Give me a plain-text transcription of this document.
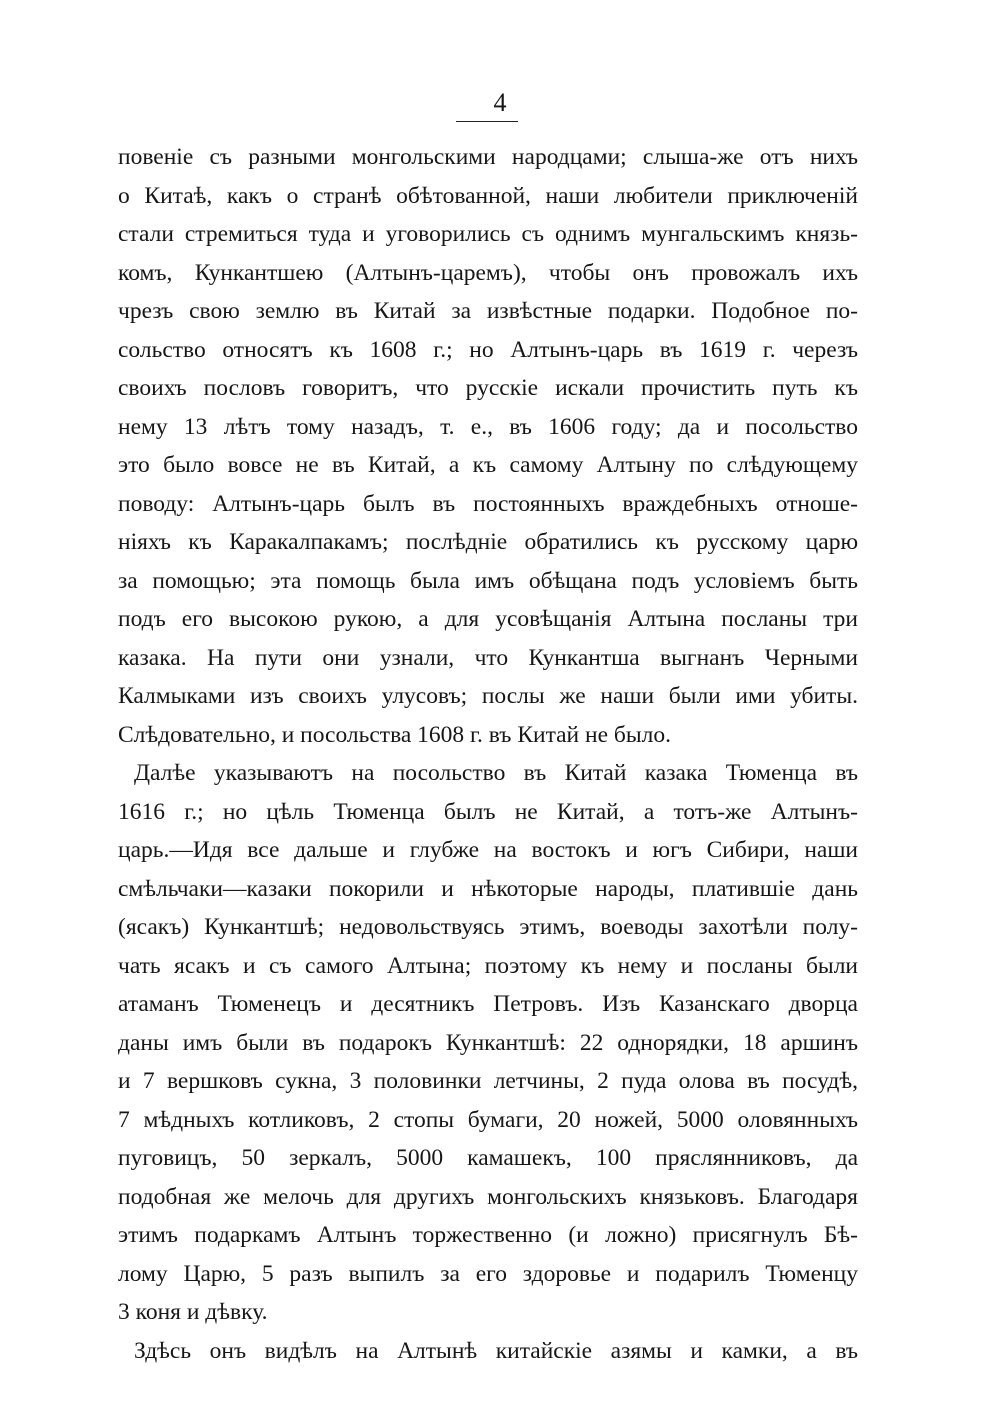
4
повеніе съ разными монгольскими народцами; слыша-же отъ нихъ
о Китаѣ, какъ о странѣ обѣтованной, наши любители приключеній
стали стремиться туда и уговорились съ однимъ мунгальскимъ князь-
комъ, Кункантшею (Алтынъ-царемъ), чтобы онъ провожалъ ихъ
чрезъ свою землю въ Китай за извѣстные подарки. Подобное по-
сольство относятъ къ 1608 г.; но Алтынъ-царь въ 1619 г. черезъ
своихъ пословъ говоритъ, что русскіе искали прочистить путь къ
нему 13 лѣтъ тому назадъ, т. е., въ 1606 году; да и посольство
это было вовсе не въ Китай, а къ самому Алтыну по слѣдующему
поводу: Алтынъ-царь былъ въ постоянныхъ враждебныхъ отноше-
ніяхъ къ Каракалпакамъ; послѣдніе обратились къ русскому царю
за помощью; эта помощь была имъ обѣщана подъ условіемъ быть
подъ его высокою рукою, а для усовѣщанія Алтына посланы три
казака. На пути они узнали, что Кункантша выгнанъ Черными
Калмыками изъ своихъ улусовъ; послы же наши были ими убиты.
Слѣдовательно, и посольства 1608 г. въ Китай не было.
Далѣе указываютъ на посольство въ Китай казака Тюменца въ
1616 г.; но цѣль Тюменца былъ не Китай, а тотъ-же Алтынъ-
царь.—Идя все дальше и глубже на востокъ и югъ Сибири, наши
смѣльчаки—казаки покорили и нѣкоторые народы, платившіе дань
(ясакъ) Кункантшѣ; недовольствуясь этимъ, воеводы захотѣли полу-
чать ясакъ и съ самого Алтына; поэтому къ нему и посланы были
атаманъ Тюменецъ и десятникъ Петровъ. Изъ Казанскаго дворца
даны имъ были въ подарокъ Кункантшѣ: 22 однорядки, 18 аршинъ
и 7 вершковъ сукна, 3 половинки летчины, 2 пуда олова въ посудѣ,
7 мѣдныхъ котликовъ, 2 стопы бумаги, 20 ножей, 5000 оловянныхъ
пуговицъ, 50 зеркалъ, 5000 камашекъ, 100 пряслянниковъ, да
подобная же мелочь для другихъ монгольскихъ князьковъ. Благодаря
этимъ подаркамъ Алтынъ торжественно (и ложно) присягнулъ Бѣ-
лому Царю, 5 разъ выпилъ за его здоровье и подарилъ Тюменцу
3 коня и дѣвку.
Здѣсь онъ видѣлъ на Алтынѣ китайскіе азямы и камки, а въ
